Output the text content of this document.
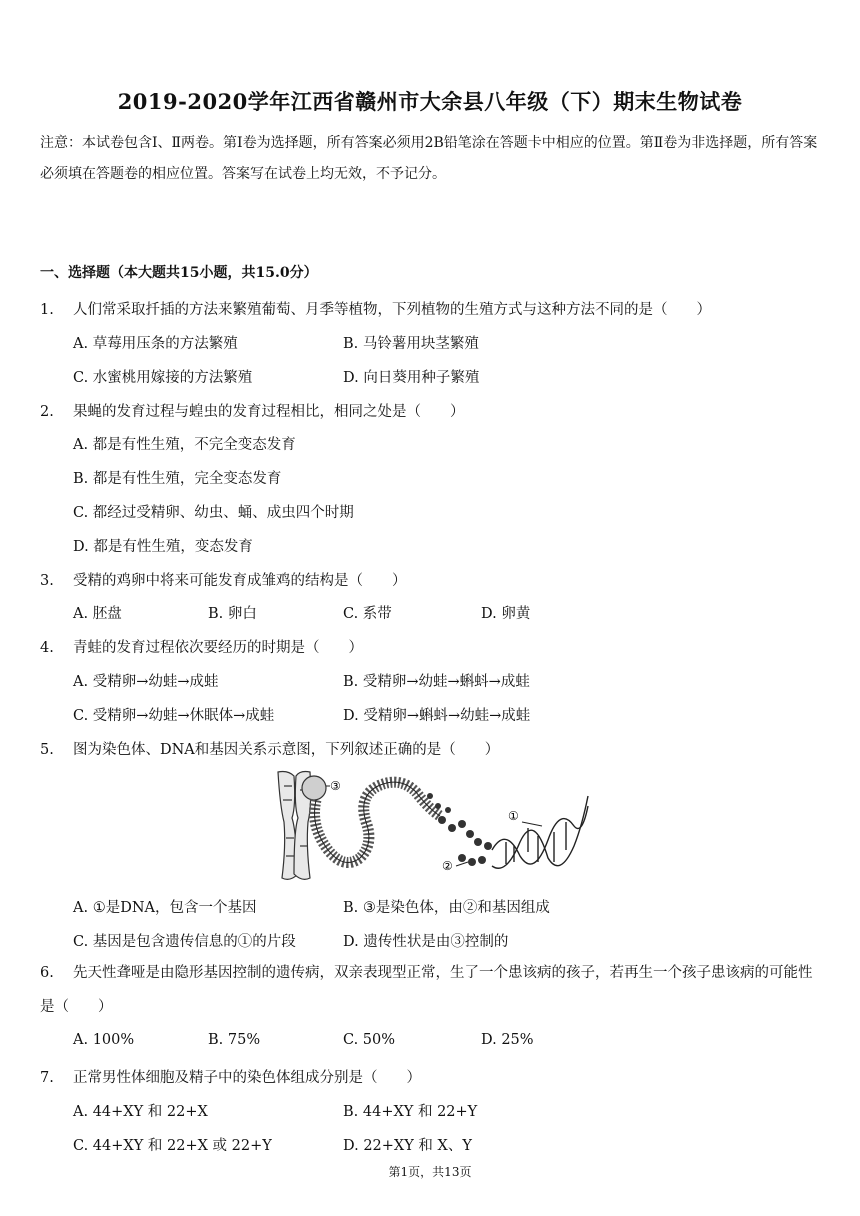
2019-2020学年江西省赣州市大余县八年级（下）期末生物试卷
注意：本试卷包含Ⅰ、Ⅱ两卷。第Ⅰ卷为选择题，所有答案必须用2B铅笔涂在答题卡中相应的位置。第Ⅱ卷为非选择题，所有答案必须填在答题卷的相应位置。答案写在试卷上均无效，不予记分。
一、选择题（本大题共15小题，共15.0分）
1. 人们常采取扦插的方法来繁殖葡萄、月季等植物，下列植物的生殖方式与这种方法不同的是（　　）
A. 草莓用压条的方法繁殖	B. 马铃薯用块茎繁殖
C. 水蜜桃用嫁接的方法繁殖	D. 向日葵用种子繁殖
2. 果蝇的发育过程与蝗虫的发育过程相比，相同之处是（　　）
A. 都是有性生殖，不完全变态发育
B. 都是有性生殖，完全变态发育
C. 都经过受精卵、幼虫、蛹、成虫四个时期
D. 都是有性生殖，变态发育
3. 受精的鸡卵中将来可能发育成雏鸡的结构是（　　）
A. 胚盘	B. 卵白	C. 系带	D. 卵黄
4. 青蛙的发育过程依次要经历的时期是（　　）
A. 受精卵→幼蛙→成蛙	B. 受精卵→幼蛙→蝌蚪→成蛙
C. 受精卵→幼蛙→休眠体→成蛙	D. 受精卵→蝌蚪→幼蛙→成蛙
5. 图为染色体、DNA和基因关系示意图，下列叙述正确的是（　　）
③
①
②
A. ①是DNA，包含一个基因	B. ③是染色体，由②和基因组成
C. 基因是包含遗传信息的①的片段	D. 遗传性状是由③控制的
6. 先天性聋哑是由隐形基因控制的遗传病，双亲表现型正常，生了一个患该病的孩子，若再生一个孩子患该病的可能性是（　　）
A. 100%	B. 75%	C. 50%	D. 25%
7. 正常男性体细胞及精子中的染色体组成分别是（　　）
A. 44+XY 和 22+X	B. 44+XY 和 22+Y
C. 44+XY 和 22+X 或 22+Y	D. 22+XY 和 X、Y
第1页，共13页
